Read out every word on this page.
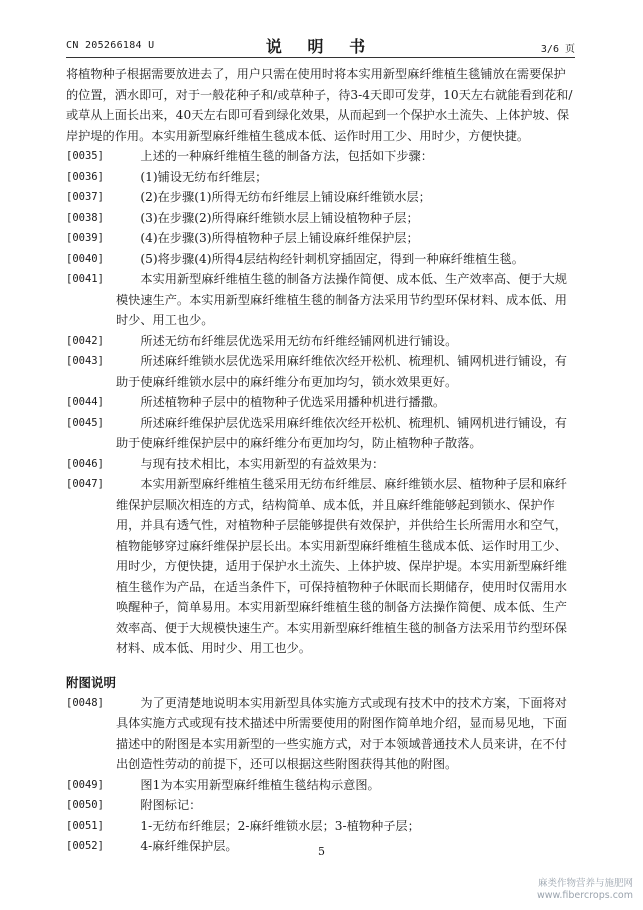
CN 205266184 U	说 明 书	3/6 页

将植物种子根据需要放进去了，用户只需在使用时将本实用新型麻纤维植生毯铺放在需要保护的位置，洒水即可，对于一般花种子和/或草种子，待3-4天即可发芽，10天左右就能看到花和/或草从上面长出来，40天左右即可看到绿化效果，从而起到一个保护水土流失、上体护坡、保岸护堤的作用。本实用新型麻纤维植生毯成本低、运作时用工少、用时少，方便快捷。

[0035]	上述的一种麻纤维植生毯的制备方法，包括如下步骤：
[0036]	(1)铺设无纺布纤维层；
[0037]	(2)在步骤(1)所得无纺布纤维层上铺设麻纤维锁水层；
[0038]	(3)在步骤(2)所得麻纤维锁水层上铺设植物种子层；
[0039]	(4)在步骤(3)所得植物种子层上铺设麻纤维保护层；
[0040]	(5)将步骤(4)所得4层结构经针刺机穿插固定，得到一种麻纤维植生毯。
[0041]	本实用新型麻纤维植生毯的制备方法操作简便、成本低、生产效率高、便于大规模快速生产。本实用新型麻纤维植生毯的制备方法采用节约型环保材料、成本低、用时少、用工也少。
[0042]	所述无纺布纤维层优选采用无纺布纤维经铺网机进行铺设。
[0043]	所述麻纤维锁水层优选采用麻纤维依次经开松机、梳理机、铺网机进行铺设，有助于使麻纤维锁水层中的麻纤维分布更加均匀，锁水效果更好。
[0044]	所述植物种子层中的植物种子优选采用播种机进行播撒。
[0045]	所述麻纤维保护层优选采用麻纤维依次经开松机、梳理机、铺网机进行铺设，有助于使麻纤维保护层中的麻纤维分布更加均匀，防止植物种子散落。
[0046]	与现有技术相比，本实用新型的有益效果为：
[0047]	本实用新型麻纤维植生毯采用无纺布纤维层、麻纤维锁水层、植物种子层和麻纤维保护层顺次相连的方式，结构简单、成本低，并且麻纤维能够起到锁水、保护作用，并具有透气性，对植物种子层能够提供有效保护，并供给生长所需用水和空气，植物能够穿过麻纤维保护层长出。本实用新型麻纤维植生毯成本低、运作时用工少、用时少，方便快捷，适用于保护水土流失、上体护坡、保岸护堤。本实用新型麻纤维植生毯作为产品，在适当条件下，可保持植物种子休眠而长期储存，使用时仅需用水唤醒种子，简单易用。本实用新型麻纤维植生毯的制备方法操作简便、成本低、生产效率高、便于大规模快速生产。本实用新型麻纤维植生毯的制备方法采用节约型环保材料、成本低、用时少、用工也少。
附图说明
[0048]	为了更清楚地说明本实用新型具体实施方式或现有技术中的技术方案，下面将对具体实施方式或现有技术描述中所需要使用的附图作简单地介绍，显而易见地，下面描述中的附图是本实用新型的一些实施方式，对于本领域普通技术人员来讲，在不付出创造性劳动的前提下，还可以根据这些附图获得其他的附图。
[0049]	图1为本实用新型麻纤维植生毯结构示意图。
[0050]	附图标记：
[0051]	1-无纺布纤维层；2-麻纤维锁水层；3-植物种子层；
[0052]	4-麻纤维保护层。	5
麻类作物营养与施肥网
www.fibercrops.com
